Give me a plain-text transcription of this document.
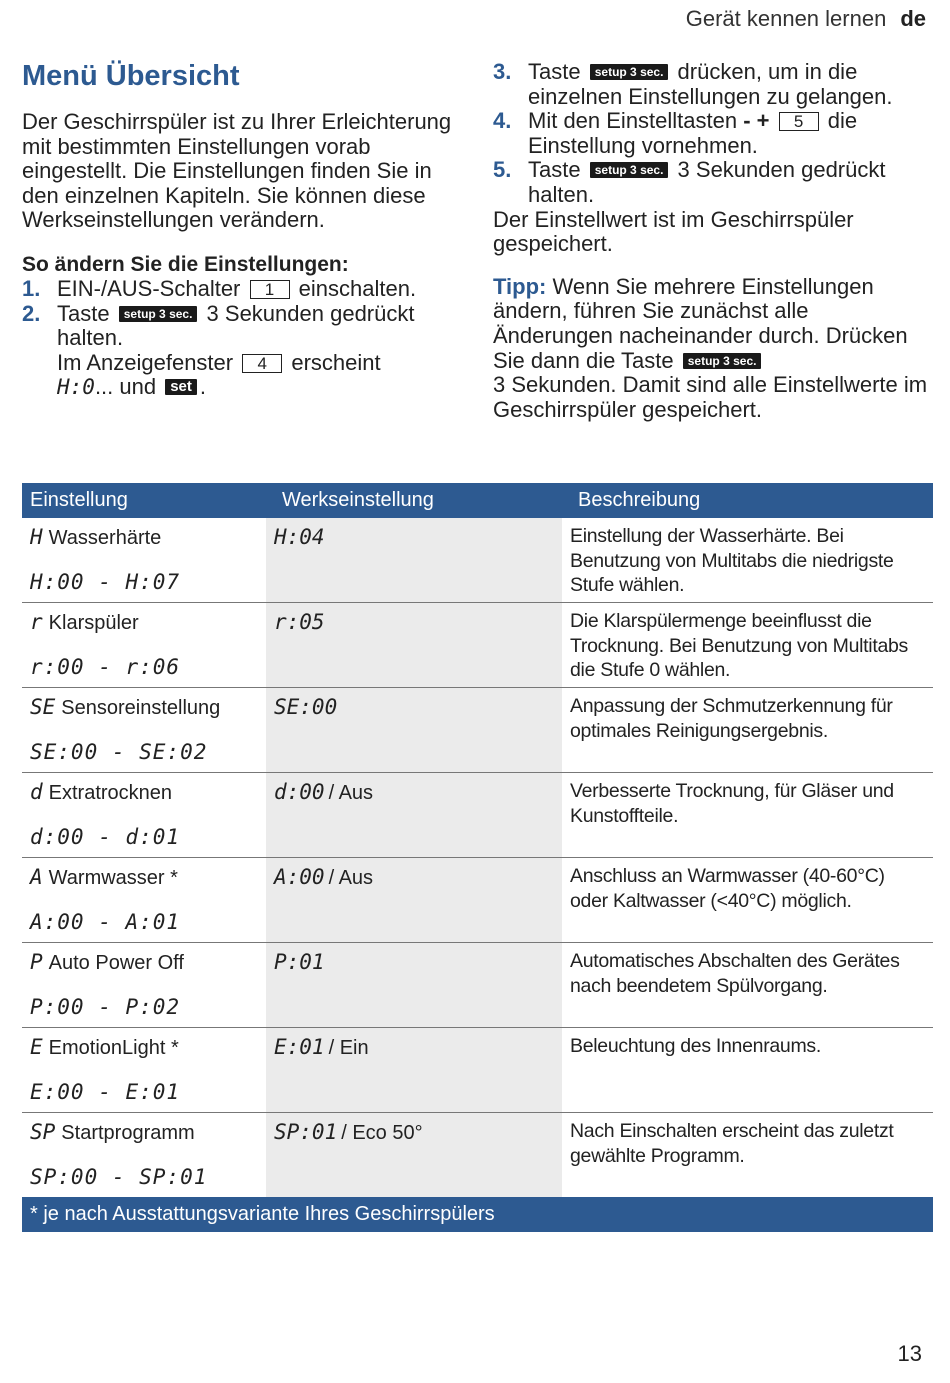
Gerät kennen lernen de
Menü Übersicht

Der Geschirrspüler ist zu Ihrer Erleichterung mit bestimmten Einstellungen vorab eingestellt. Die Einstellungen finden Sie in den einzelnen Kapiteln. Sie können diese Werkseinstellungen verändern.

So ändern Sie die Einstellungen:

1. EIN-/AUS-Schalter 1 einschalten.
2. Taste setup 3 sec. 3 Sekunden gedrückt halten.
Im Anzeigefenster 4 erscheint
H:0... und set .
3. Taste setup 3 sec. drücken, um in die einzelnen Einstellungen zu gelangen.
4. Mit den Einstelltasten - + 5 die Einstellung vornehmen.
5. Taste setup 3 sec. 3 Sekunden gedrückt halten.

Der Einstellwert ist im Geschirrspüler gespeichert.

Tipp: Wenn Sie mehrere Einstellungen ändern, führen Sie zunächst alle Änderungen nacheinander durch. Drücken Sie dann die Taste setup 3 sec.
3 Sekunden. Damit sind alle Einstellwerte im Geschirrspüler gespeichert.

Einstellung	Werkseinstellung	Beschreibung
H Wasserhärte
H:00 - H:07
H:04	Einstellung der Wasserhärte. Bei Benutzung von Multitabs die niedrigste Stufe wählen.
r Klarspüler
r:00 - r:06
r:05	Die Klarspülermenge beeinflusst die Trocknung. Bei Benutzung von Multitabs die Stufe 0 wählen.
SE Sensoreinstellung
SE:00 - SE:02
SE:00	Anpassung der Schmutzerkennung für optimales Reinigungsergebnis.
d Extratrocknen
d:00 - d:01
d:00 / Aus	Verbesserte Trocknung, für Gläser und Kunstoffteile.
A Warmwasser *
A:00 - A:01
A:00 / Aus	Anschluss an Warmwasser (40-60°C) oder Kaltwasser (<40°C) möglich.
P Auto Power Off
P:00 - P:02
P:01	Automatisches Abschalten des Gerätes nach beendetem Spülvorgang.
E EmotionLight *
E:00 - E:01
E:01 / Ein	Beleuchtung des Innenraums.
SP Startprogramm
SP:00 - SP:01
SP:01 / Eco 50°	Nach Einschalten erscheint das zuletzt gewählte Programm.
* je nach Ausstattungsvariante Ihres Geschirrspülers
13
